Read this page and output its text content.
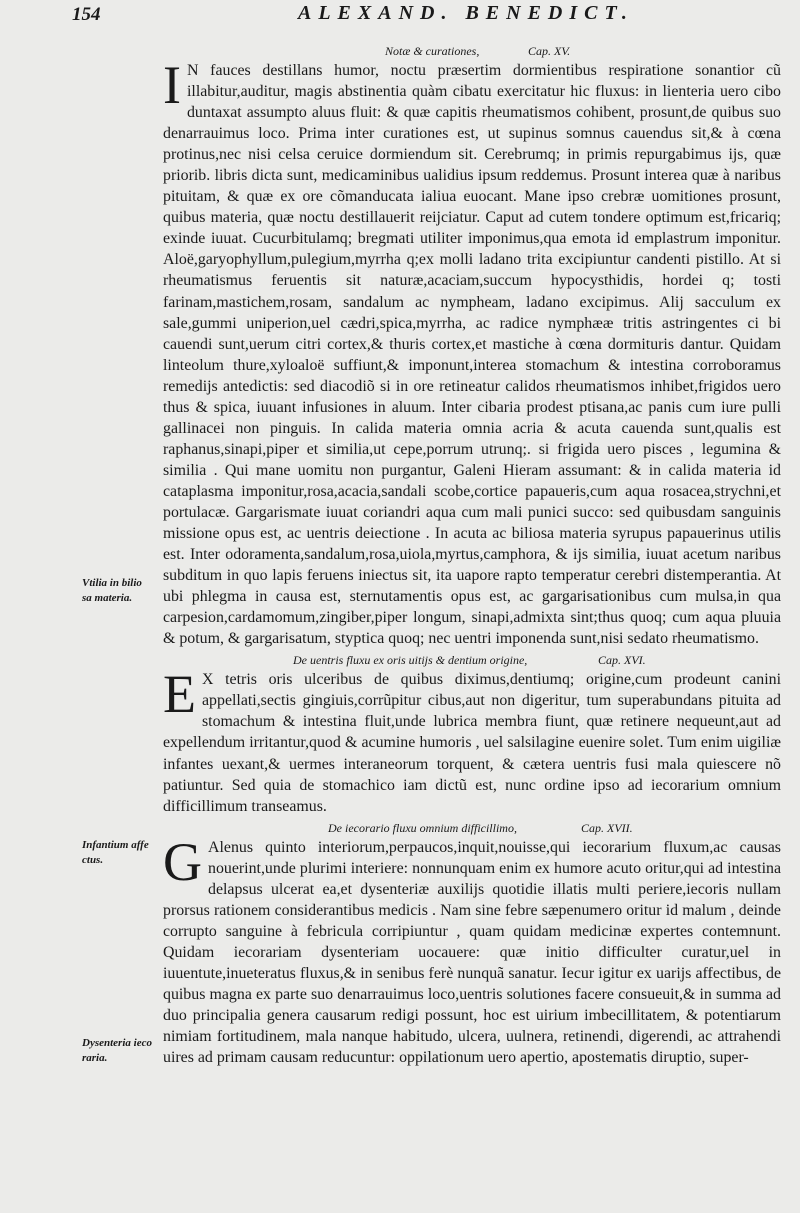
154	ALEXAND. BENEDICT.
Notæ & curationes,	Cap. XV.
I N fauces destillans humor, noctu præsertim dormientibus respiratione sonantior cũ illabitur,auditur, magis abstinentia quàm cibatu exercitatur hic fluxus: in lienteria uero cibo duntaxat assumpto aluus fluit: & quæ capitis rheumatismos cohibent, prosunt,de quibus suo denarrauimus loco. Prima inter curationes est, ut supinus somnus cauendus sit,& à cœna protinus,nec nisi celsa ceruice dormiendum sit. Cerebrumq; in primis repurgabimus ijs, quæ priorib. libris dicta sunt, medicaminibus ualidius ipsum reddemus. Prosunt interea quæ à naribus pituitam, & quæ ex ore cõmanducata ialiua euocant. Mane ipso crebræ uomitiones prosunt, quibus materia, quæ noctu destillauerit reijciatur. Caput ad cutem tondere optimum est,fricariq; exinde iuuat. Cucurbitulamq; bregmati utiliter imponimus,qua emota id emplastrum imponitur. Aloë,garyophyllum,pulegium,myrrha q;ex molli ladano trita excipiuntur candenti pistillo. At si rheumatismus feruentis sit naturæ,acaciam,succum hypocysthidis, hordei q; tosti farinam,mastichem,rosam, sandalum ac nympheam, ladano excipimus. Alij sacculum ex sale,gummi uniperion,uel cædri,spica,myrrha, ac radice nymphææ tritis astringentes ci bi cauendi sunt,uerum citri cortex,& thuris cortex,et mastiche à cœna dormituris dantur. Quidam linteolum thure,xyloaloë suffiunt,& imponunt,interea stomachum & intestina corroboramus remedijs antedictis: sed diacodiõ si in ore retineatur calidos rheumatismos inhibet,frigidos uero thus & spica, iuuant infusiones in aluum. Inter cibaria prodest ptisana,ac panis cum iure pulli gallinacei non pinguis. In calida materia omnia acria & acuta cauenda sunt,qualis est raphanus,sinapi,piper et similia,ut cepe,porrum utrunq;. si frigida uero pisces , legumina & similia . Qui mane uomitu non purgantur, Galeni Hieram assumant: & in calida materia id cataplasma imponitur,rosa,acacia,sandali scobe,cortice papaueris,cum aqua rosacea,strychni,et portulacæ. Gargarismate iuuat coriandri aqua cum mali punici succo: sed quibusdam sanguinis missione opus est, ac uentris deiectione . In acuta ac biliosa materia syrupus papauerinus utilis est. Inter odoramenta,sandalum,rosa,uiola,myrtus,camphora, & ijs similia, iuuat acetum naribus subditum in quo lapis feruens iniectus sit, ita uapore rapto temperatur cerebri distemperantia. At ubi phlegma in causa est, sternutamentis opus est, ac gargarisationibus cum mulsa,in qua carpesion,cardamomum,zingiber,piper longum, sinapi,admixta sint;thus quoq; cum aqua pluuia & potum, & gargarisatum, styptica quoq; nec uentri imponenda sunt,nisi sedato rheumatismo.

De uentris fluxu ex oris uitijs & dentium origine,	Cap. XVI.
E X tetris oris ulceribus de quibus diximus,dentiumq; origine,cum prodeunt canini appellati,sectis gingiuis,corrũpitur cibus,aut non digeritur, tum superabundans pituita ad stomachum & intestina fluit,unde lubrica membra fiunt, quæ retinere nequeunt,aut ad expellendum irritantur,quod & acumine humoris , uel salsilagine euenire solet. Tum enim uigiliæ infantes uexant,& uermes interaneorum torquent, & cætera uentris fusi mala quiescere nõ patiuntur. Sed quia de stomachico iam dictũ est, nunc ordine ipso ad iecorarium omnium difficillimum transeamus.

De iecorario fluxu omnium difficillimo,	Cap. XVII.
G Alenus quinto interiorum,perpaucos,inquit,nouisse,qui iecorarium fluxum,ac causas nouerint,unde plurimi interiere: nonnunquam enim ex humore acuto oritur,qui ad intestina delapsus ulcerat ea,et dysenteriæ auxilijs quotidie illatis multi periere,iecoris nullam prorsus rationem considerantibus medicis . Nam sine febre sæpenumero oritur id malum , deinde corrupto sanguine à febricula corripiuntur , quam quidam medicinæ expertes contemnunt. Quidam iecorariam dysenteriam uocauere: quæ initio difficulter curatur,uel in iuuentute,inueteratus fluxus,& in senibus ferè nunquã sanatur. Iecur igitur ex uarijs affectibus, de quibus magna ex parte suo denarrauimus loco,uentris solutiones facere consueuit,& in summa ad duo principalia genera causarum redigi possunt, hoc est uirium imbecillitatem, & potentiarum nimiam fortitudinem, mala nanque habitudo, ulcera, uulnera, retinendi, digerendi, ac attrahendi uires ad primam causam reducuntur: oppilationum uero apertio, apostematis diruptio, super-

Vtilia in bilio
sa materia.
Infantium affe
ctus.
Dysenteria ieco
raria.
